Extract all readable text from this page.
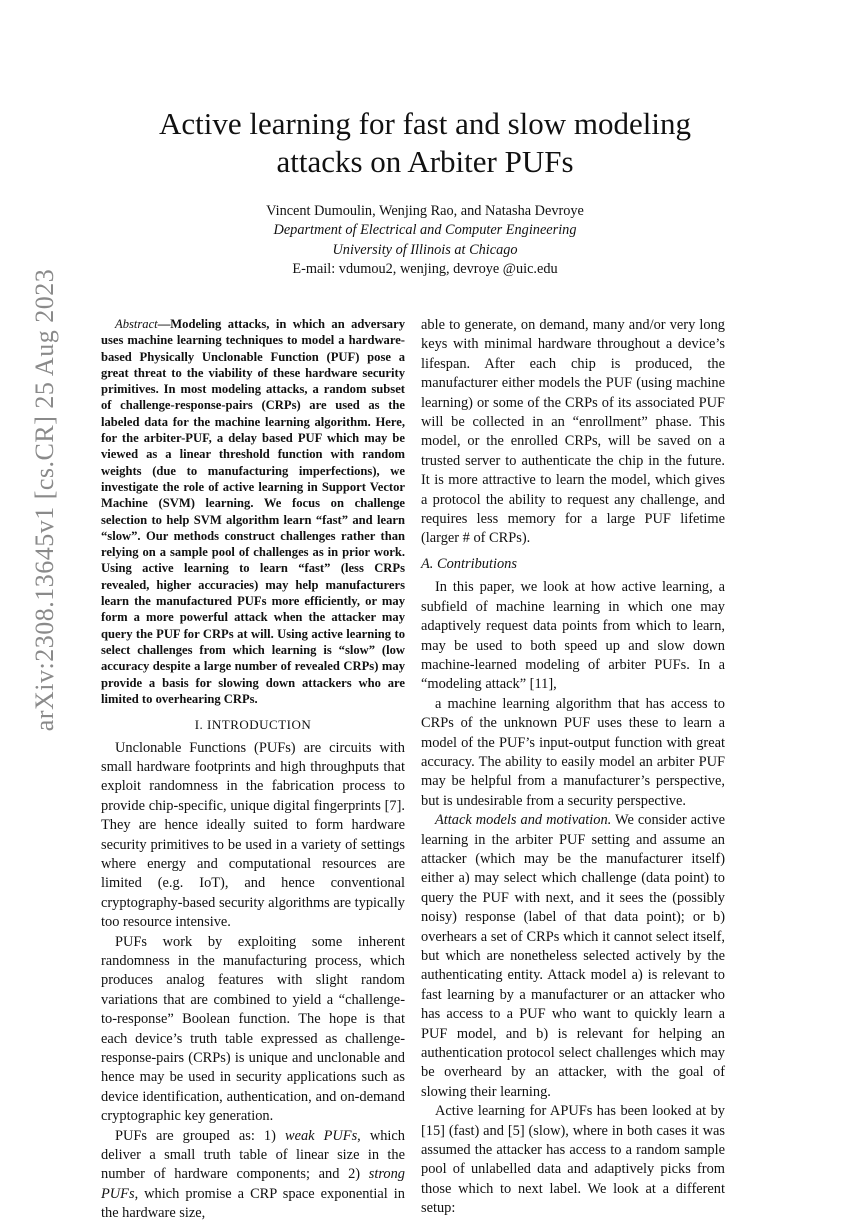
arXiv:2308.13645v1 [cs.CR] 25 Aug 2023
Active learning for fast and slow modeling
attacks on Arbiter PUFs
Vincent Dumoulin, Wenjing Rao, and Natasha Devroye
Department of Electrical and Computer Engineering
University of Illinois at Chicago
E-mail: vdumou2, wenjing, devroye @uic.edu

Abstract—Modeling attacks, in which an adversary uses machine learning techniques to model a hardware-based Physically Unclonable Function (PUF) pose a great threat to the viability of these hardware security primitives. In most modeling attacks, a random subset of challenge-response-pairs (CRPs) are used as the labeled data for the machine learning algorithm. Here, for the arbiter-PUF, a delay based PUF which may be viewed as a linear threshold function with random weights (due to manufacturing imperfections), we investigate the role of active learning in Support Vector Machine (SVM) learning. We focus on challenge selection to help SVM algorithm learn “fast” and learn “slow”. Our methods construct challenges rather than relying on a sample pool of challenges as in prior work. Using active learning to learn “fast” (less CRPs revealed, higher accuracies) may help manufacturers learn the manufactured PUFs more efficiently, or may form a more powerful attack when the attacker may query the PUF for CRPs at will. Using active learning to select challenges from which learning is “slow” (low accuracy despite a large number of revealed CRPs) may provide a basis for slowing down attackers who are limited to overhearing CRPs.

I. INTRODUCTION

Unclonable Functions (PUFs) are circuits with small hardware footprints and high throughputs that exploit randomness in the fabrication process to provide chip-specific, unique digital fingerprints [7]. They are hence ideally suited to form hardware security primitives to be used in a variety of settings where energy and computational resources are limited (e.g. IoT), and hence conventional cryptography-based security algorithms are typically too resource intensive.

PUFs work by exploiting some inherent randomness in the manufacturing process, which produces analog features with slight random variations that are combined to yield a “challenge-to-response” Boolean function. The hope is that each device’s truth table expressed as challenge-response-pairs (CRPs) is unique and unclonable and hence may be used in security applications such as device identification, authentication, and on-demand cryptographic key generation.

PUFs are grouped as: 1) weak PUFs, which deliver a small truth table of linear size in the number of hardware components; and 2) strong PUFs, which promise a CRP space exponential in the hardware size,

able to generate, on demand, many and/or very long keys with minimal hardware throughout a device’s lifespan. After each chip is produced, the manufacturer either models the PUF (using machine learning) or some of the CRPs of its associated PUF will be collected in an “enrollment” phase. This model, or the enrolled CRPs, will be saved on a trusted server to authenticate the chip in the future. It is more attractive to learn the model, which gives a protocol the ability to request any challenge, and requires less memory for a large PUF lifetime (larger # of CRPs).

A. Contributions

In this paper, we look at how active learning, a subfield of machine learning in which one may adaptively request data points from which to learn, may be used to both speed up and slow down machine-learned modeling of arbiter PUFs. In a “modeling attack” [11],

a machine learning algorithm that has access to CRPs of the unknown PUF uses these to learn a model of the PUF’s input-output function with great accuracy. The ability to easily model an arbiter PUF may be helpful from a manufacturer’s perspective, but is undesirable from a security perspective.

Attack models and motivation. We consider active learning in the arbiter PUF setting and assume an attacker (which may be the manufacturer itself) either a) may select which challenge (data point) to query the PUF with next, and it sees the (possibly noisy) response (label of that data point); or b) overhears a set of CRPs which it cannot select itself, but which are nonetheless selected actively by the authenticating entity. Attack model a) is relevant to fast learning by a manufacturer or an attacker who has access to a PUF who want to quickly learn a PUF model, and b) is relevant for helping an authentication protocol select challenges which may be overheard by an attacker, with the goal of slowing their learning.

Active learning for APUFs has been looked at by [15] (fast) and [5] (slow), where in both cases it was assumed the attacker has access to a random sample pool of unlabelled data and adaptively picks from those which to next label. We look at a different setup:
